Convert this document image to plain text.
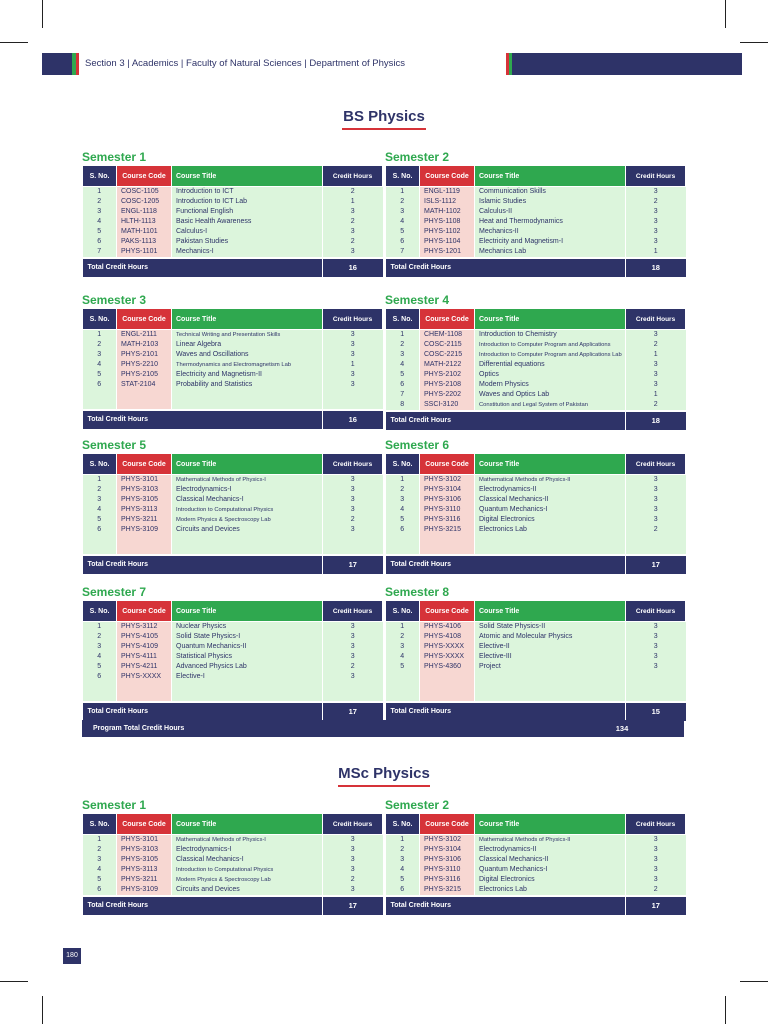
Section 3 | Academics | Faculty of Natural Sciences | Department of Physics
BS Physics
Semester 1
S. No.	Course Code	Course Title	Credit Hours
1	COSC-1105	Introduction to ICT	2
2	COSC-1205	Introduction to ICT Lab	1
3	ENGL-1118	Functional English	3
4	HLTH-1113	Basic Health Awareness	2
5	MATH-1101	Calculus-I	3
6	PAKS-1113	Pakistan Studies	2
7	PHYS-1101	Mechanics-I	3
Total Credit Hours			16
Semester 2
S. No.	Course Code	Course Title	Credit Hours
1	ENGL-1119	Communication Skills	3
2	ISLS-1112	Islamic Studies	2
3	MATH-1102	Calculus-II	3
4	PHYS-1108	Heat and Thermodynamics	3
5	PHYS-1102	Mechanics-II	3
6	PHYS-1104	Electricity and Magnetism-I	3
7	PHYS-1201	Mechanics Lab	1
Total Credit Hours			18
Semester 3
S. No.	Course Code	Course Title	Credit Hours
1	ENGL-2111	Technical Writing and Presentation Skills	3
2	MATH-2103	Linear Algebra	3
3	PHYS-2101	Waves and Oscillations	3
4	PHYS-2210	Thermodynamics and Electromagnetism Lab	1
5	PHYS-2105	Electricity and Magnetism-II	3
6	STAT-2104	Probability and Statistics	3

Total Credit Hours			16
Semester 4
S. No.	Course Code	Course Title	Credit Hours
1	CHEM-1108	Introduction to Chemistry	3
2	COSC-2115	Introduction to Computer Program and Applications	2
3	COSC-2215	Introduction to Computer Program and Applications Lab	1
4	MATH-2122	Differential equations	3
5	PHYS-2102	Optics	3
6	PHYS-2108	Modern Physics	3
7	PHYS-2202	Waves and Optics Lab	1
8	SSCI-3120	Constitution and Legal System of Pakistan	2
Total Credit Hours			18
Semester 5
S. No.	Course Code	Course Title	Credit Hours
1	PHYS-3101	Mathematical Methods of Physics-I	3
2	PHYS-3103	Electrodynamics-I	3
3	PHYS-3105	Classical Mechanics-I	3
4	PHYS-3113	Introduction to Computational Physics	3
5	PHYS-3211	Modern Physics & Spectroscopy Lab	2
6	PHYS-3109	Circuits and Devices	3

Total Credit Hours			17
Semester 6
S. No.	Course Code	Course Title	Credit Hours
1	PHYS-3102	Mathematical Methods of Physics-II	3
2	PHYS-3104	Electrodynamics-II	3
3	PHYS-3106	Classical Mechanics-II	3
4	PHYS-3110	Quantum Mechanics-I	3
5	PHYS-3116	Digital Electronics	3
6	PHYS-3215	Electronics Lab	2

Total Credit Hours			17
Semester 7
S. No.	Course Code	Course Title	Credit Hours
1	PHYS-3112	Nuclear Physics	3
2	PHYS-4105	Solid State Physics-I	3
3	PHYS-4109	Quantum Mechanics-II	3
4	PHYS-4111	Statistical Physics	3
5	PHYS-4211	Advanced Physics Lab	2
6	PHYS-XXXX	Elective-I	3

Total Credit Hours			17
Semester 8
S. No.	Course Code	Course Title	Credit Hours
1	PHYS-4106	Solid State Physics-II	3
2	PHYS-4108	Atomic and Molecular Physics	3
3	PHYS-XXXX	Elective-II	3
4	PHYS-XXXX	Elective-III	3
5	PHYS-4360	Project	3

Total Credit Hours			15
Program Total Credit Hours	134
MSc Physics
Semester 1
S. No.	Course Code	Course Title	Credit Hours
1	PHYS-3101	Mathematical Methods of Physics-I	3
2	PHYS-3103	Electrodynamics-I	3
3	PHYS-3105	Classical Mechanics-I	3
4	PHYS-3113	Introduction to Computational Physics	3
5	PHYS-3211	Modern Physics & Spectroscopy Lab	2
6	PHYS-3109	Circuits and Devices	3
Total Credit Hours			17
Semester 2
S. No.	Course Code	Course Title	Credit Hours
1	PHYS-3102	Mathematical Methods of Physics-II	3
2	PHYS-3104	Electrodynamics-II	3
3	PHYS-3106	Classical Mechanics-II	3
4	PHYS-3110	Quantum Mechanics-I	3
5	PHYS-3116	Digital Electronics	3
6	PHYS-3215	Electronics Lab	2
Total Credit Hours			17
180
